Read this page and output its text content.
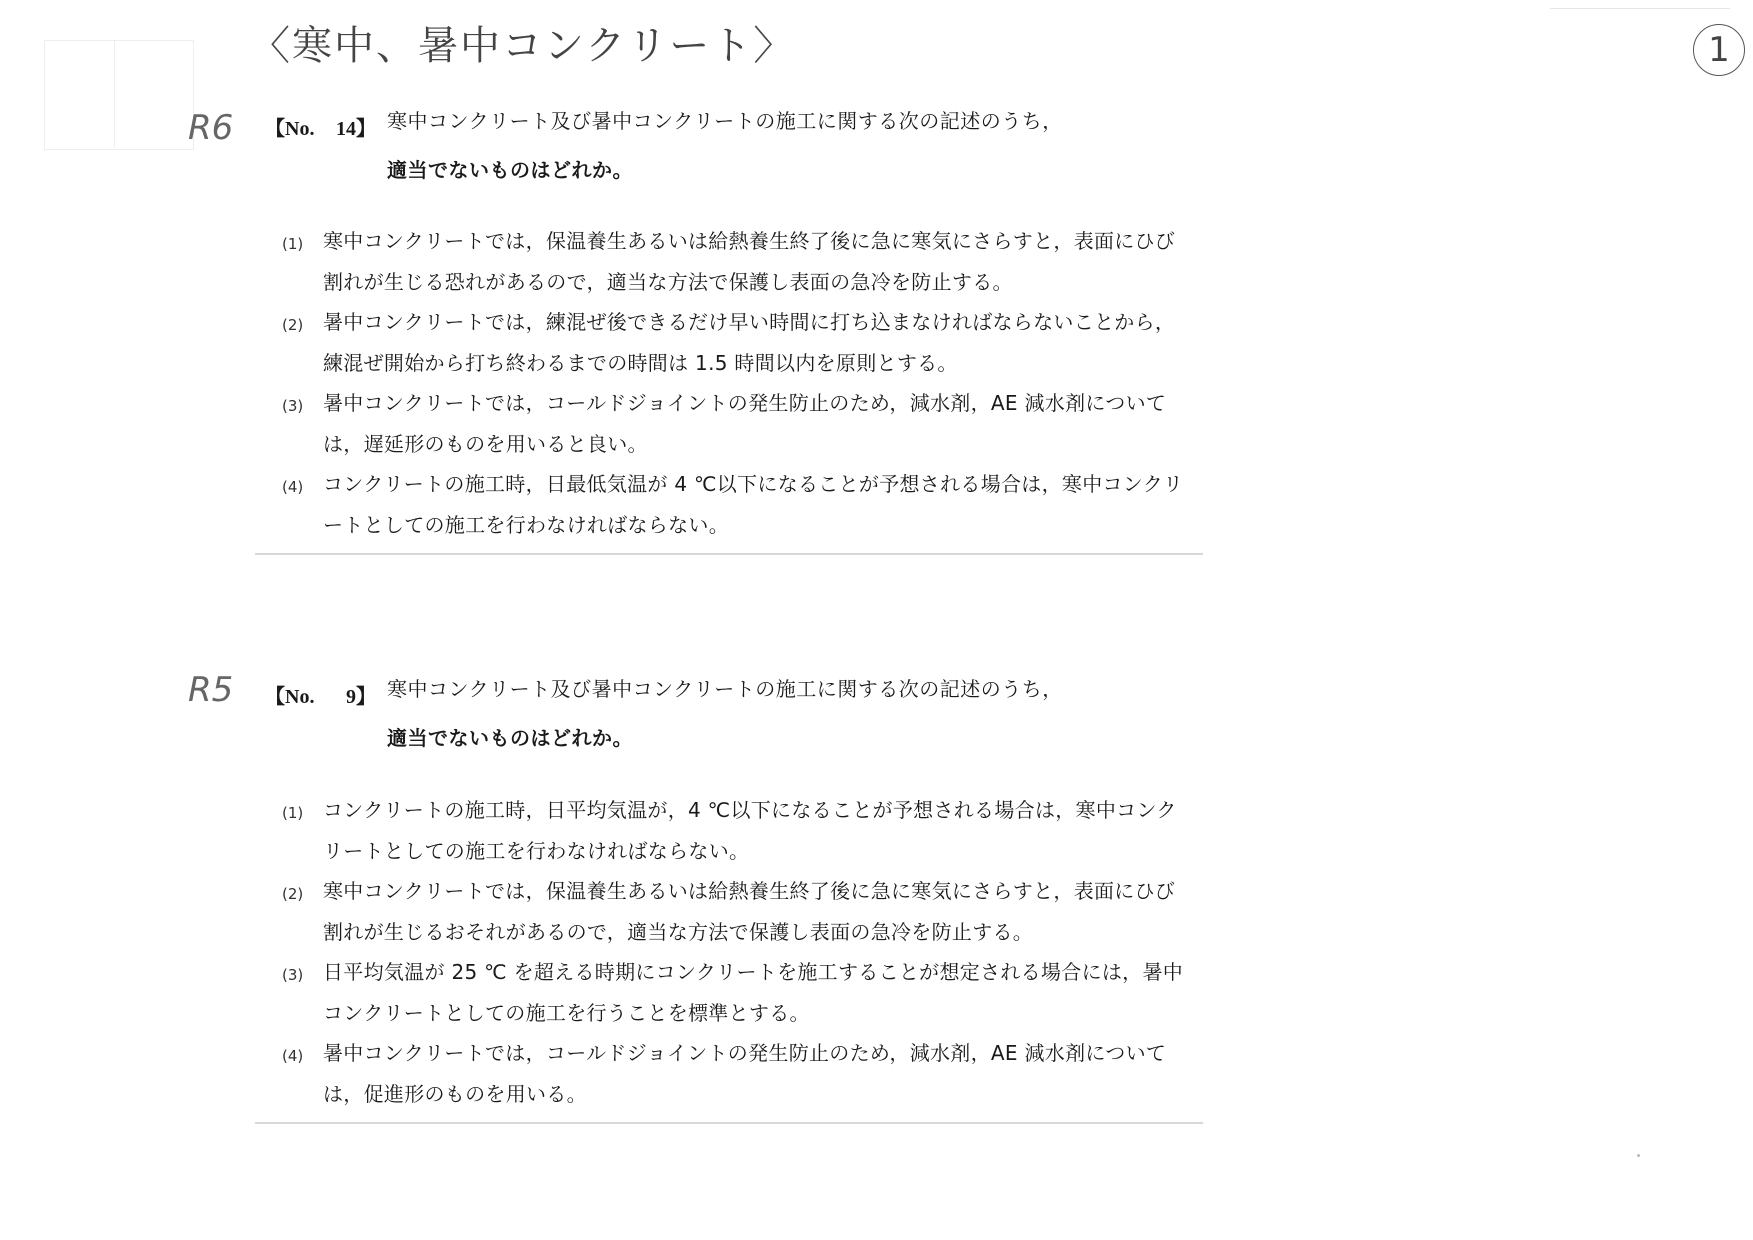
〈寒中、暑中コンクリート〉	1
R6 【No. 14】 寒中コンクリート及び暑中コンクリートの施工に関する次の記述のうち，
適当でないものはどれか。
(1) 寒中コンクリートでは，保温養生あるいは給熱養生終了後に急に寒気にさらすと，表面にひび割れが生じる恐れがあるので，適当な方法で保護し表面の急冷を防止する。
(2) 暑中コンクリートでは，練混ぜ後できるだけ早い時間に打ち込まなければならないことから，練混ぜ開始から打ち終わるまでの時間は 1.5 時間以内を原則とする。
(3) 暑中コンクリートでは，コールドジョイントの発生防止のため，減水剤，AE 減水剤については，遅延形のものを用いると良い。
(4) コンクリートの施工時，日最低気温が 4 ℃以下になることが予想される場合は，寒中コンクリートとしての施工を行わなければならない。
R5 【No. 9】 寒中コンクリート及び暑中コンクリートの施工に関する次の記述のうち，
適当でないものはどれか。
(1) コンクリートの施工時，日平均気温が，4 ℃以下になることが予想される場合は，寒中コンクリートとしての施工を行わなければならない。
(2) 寒中コンクリートでは，保温養生あるいは給熱養生終了後に急に寒気にさらすと，表面にひび割れが生じるおそれがあるので，適当な方法で保護し表面の急冷を防止する。
(3) 日平均気温が 25 ℃ を超える時期にコンクリートを施工することが想定される場合には，暑中コンクリートとしての施工を行うことを標準とする。
(4) 暑中コンクリートでは，コールドジョイントの発生防止のため，減水剤，AE 減水剤については，促進形のものを用いる。
